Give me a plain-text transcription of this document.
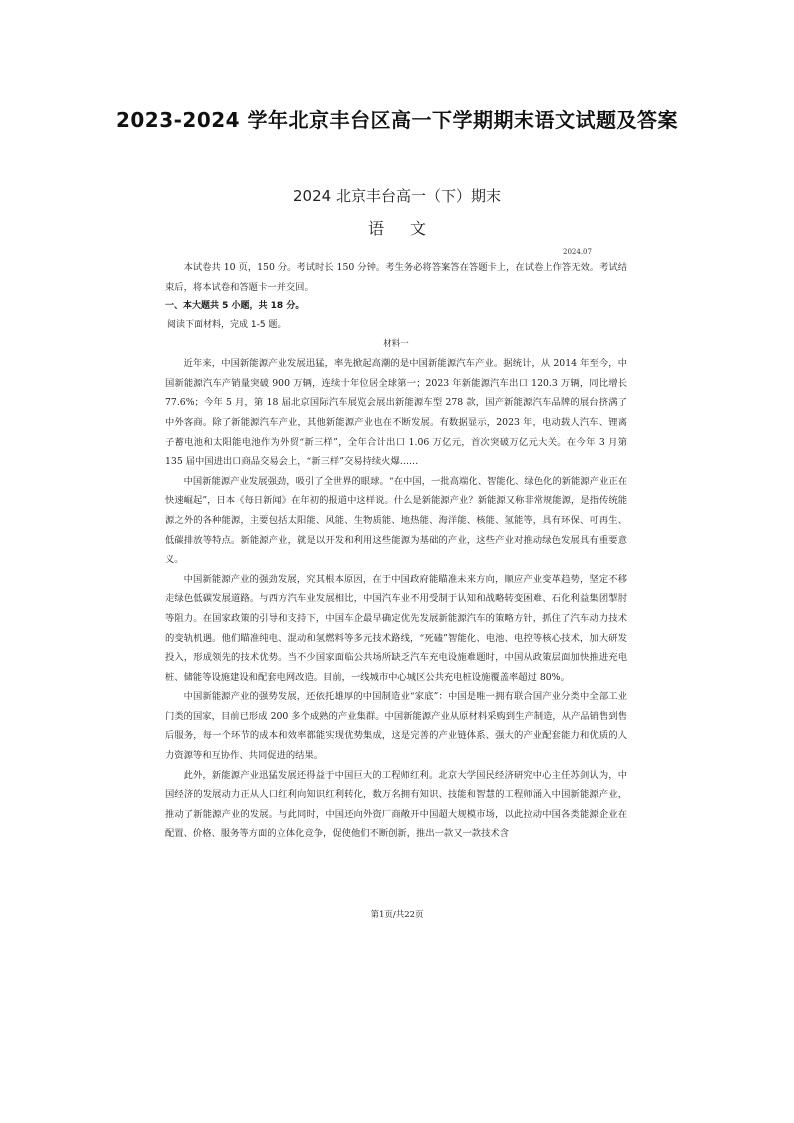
2023-2024 学年北京丰台区高一下学期期末语文试题及答案
2024 北京丰台高一（下）期末
语文
2024.07

本试卷共 10 页，150 分。考试时长 150 分钟。考生务必将答案答在答题卡上，在试卷上作答无效。考试结束后，将本试卷和答题卡一并交回。

一、本大题共 5 小题，共 18 分。

阅读下面材料，完成 1-5 题。

材料一

近年来，中国新能源产业发展迅猛，率先掀起高潮的是中国新能源汽车产业。据统计，从 2014 年至今，中国新能源汽车产销量突破 900 万辆，连续十年位居全球第一；2023 年新能源汽车出口 120.3 万辆，同比增长 77.6%；今年 5 月，第 18 届北京国际汽车展览会展出新能源车型 278 款，国产新能源汽车品牌的展台挤满了中外客商。除了新能源汽车产业，其他新能源产业也在不断发展。有数据显示，2023 年，电动载人汽车、锂离子蓄电池和太阳能电池作为外贸“新三样”，全年合计出口 1.06 万亿元，首次突破万亿元大关。在今年 3 月第 135 届中国进出口商品交易会上，“新三样”交易持续火爆……

中国新能源产业发展强劲，吸引了全世界的眼球。“在中国，一批高端化、智能化、绿色化的新能源产业正在快速崛起”，日本《每日新闻》在年初的报道中这样说。什么是新能源产业？新能源又称非常规能源，是指传统能源之外的各种能源，主要包括太阳能、风能、生物质能、地热能、海洋能、核能、氢能等，具有环保、可再生、低碳排放等特点。新能源产业，就是以开发和利用这些能源为基础的产业，这些产业对推动绿色发展具有重要意义。

中国新能源产业的强劲发展，究其根本原因，在于中国政府能瞄准未来方向，顺应产业变革趋势，坚定不移走绿色低碳发展道路。与西方汽车业发展相比，中国汽车业不用受制于认知和战略转变困难、石化利益集团掣肘等阻力。在国家政策的引导和支持下，中国车企最早确定优先发展新能源汽车的策略方针，抓住了汽车动力技术的变轨机遇。他们瞄准纯电、混动和氢燃料等多元技术路线，“死磕”智能化、电池、电控等核心技术，加大研发投入，形成领先的技术优势。当不少国家面临公共场所缺乏汽车充电设施难题时，中国从政策层面加快推进充电桩、储能等设施建设和配套电网改造。目前，一线城市中心城区公共充电桩设施覆盖率超过 80%。

中国新能源产业的强势发展，还依托雄厚的中国制造业“家底”：中国是唯一拥有联合国产业分类中全部工业门类的国家，目前已形成 200 多个成熟的产业集群。中国新能源产业从原材料采购到生产制造，从产品销售到售后服务，每一个环节的成本和效率都能实现优势集成，这是完善的产业链体系、强大的产业配套能力和优质的人力资源等和互协作、共同促进的结果。

此外，新能源产业迅猛发展还得益于中国巨大的工程师红利。北京大学国民经济研究中心主任苏剑认为，中国经济的发展动力正从人口红利向知识红利转化，数万名拥有知识、技能和智慧的工程师涌入中国新能源产业，推动了新能源产业的发展。与此同时，中国还向外资厂商敞开中国超大规模市场，以此拉动中国各类能源企业在配置、价格、服务等方面的立体化竞争，促使他们不断创新，推出一款又一款技术含

第1页/共22页
